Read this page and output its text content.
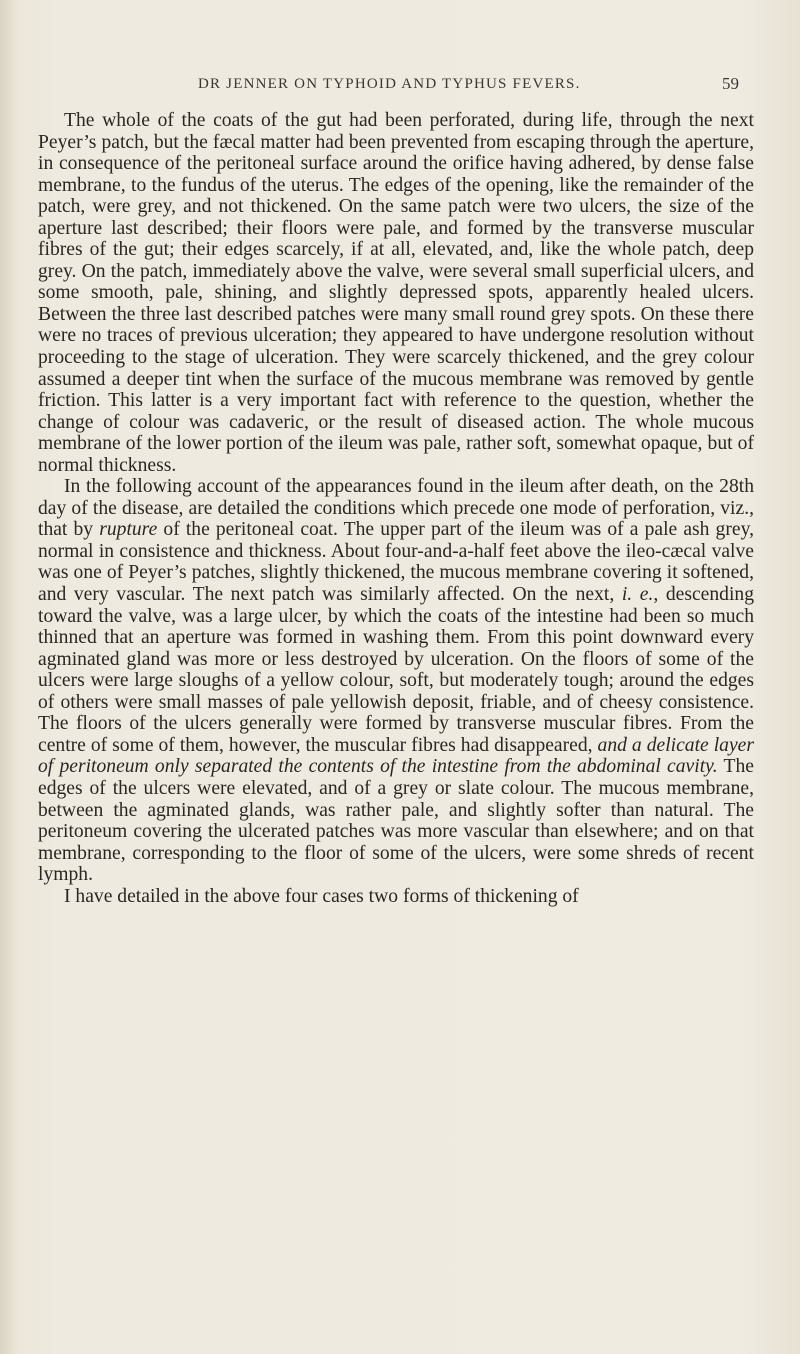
DR JENNER ON TYPHOID AND TYPHUS FEVERS.	59

The whole of the coats of the gut had been perforated, during life, through the next Peyer’s patch, but the fæcal matter had been prevented from escaping through the aperture, in consequence of the peritoneal surface around the orifice having adhered, by dense false membrane, to the fundus of the uterus. The edges of the opening, like the remainder of the patch, were grey, and not thickened. On the same patch were two ulcers, the size of the aperture last described; their floors were pale, and formed by the transverse muscular fibres of the gut; their edges scarcely, if at all, elevated, and, like the whole patch, deep grey. On the patch, immediately above the valve, were several small superficial ulcers, and some smooth, pale, shining, and slightly depressed spots, apparently healed ulcers. Between the three last described patches were many small round grey spots. On these there were no traces of previous ulceration; they appeared to have undergone resolution without proceeding to the stage of ulceration. They were scarcely thickened, and the grey colour assumed a deeper tint when the surface of the mucous membrane was removed by gentle friction. This latter is a very important fact with reference to the question, whether the change of colour was cadaveric, or the result of diseased action. The whole mucous membrane of the lower portion of the ileum was pale, rather soft, somewhat opaque, but of normal thickness.

In the following account of the appearances found in the ileum after death, on the 28th day of the disease, are detailed the conditions which precede one mode of perforation, viz., that by rupture of the peritoneal coat. The upper part of the ileum was of a pale ash grey, normal in consistence and thickness. About four-and-a-half feet above the ileo-cæcal valve was one of Peyer’s patches, slightly thickened, the mucous membrane covering it softened, and very vascular. The next patch was similarly affected. On the next, i. e., descending toward the valve, was a large ulcer, by which the coats of the intestine had been so much thinned that an aperture was formed in washing them. From this point downward every agminated gland was more or less destroyed by ulceration. On the floors of some of the ulcers were large sloughs of a yellow colour, soft, but moderately tough; around the edges of others were small masses of pale yellowish deposit, friable, and of cheesy consistence. The floors of the ulcers generally were formed by transverse muscular fibres. From the centre of some of them, however, the muscular fibres had disappeared, and a delicate layer of peritoneum only separated the contents of the intestine from the abdominal cavity. The edges of the ulcers were elevated, and of a grey or slate colour. The mucous membrane, between the agminated glands, was rather pale, and slightly softer than natural. The peritoneum covering the ulcerated patches was more vascular than elsewhere; and on that membrane, corresponding to the floor of some of the ulcers, were some shreds of recent lymph.

I have detailed in the above four cases two forms of thickening of
